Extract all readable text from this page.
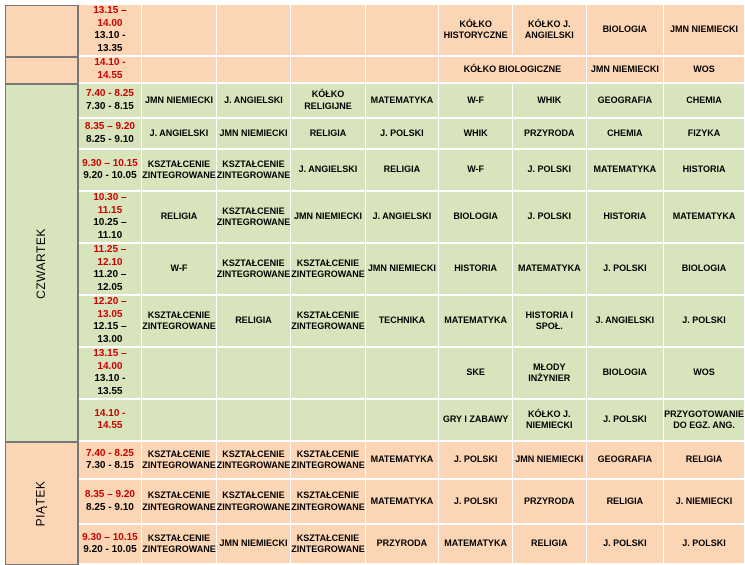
	13.15 – 14.00
13.10 - 13.35					KÓŁKO HISTORYCZNE	KÓŁKO J. ANGIELSKI	BIOLOGIA	JMN NIEMIECKI

	14.10 - 14.55					KÓŁKO BIOLOGICZNE		JMN NIEMIECKI	WOS
CZWARTEK	7.40 - 8.25
7.30 - 8.15	JMN NIEMIECKI	J. ANGIELSKI	KÓŁKO RELIGIJNE	MATEMATYKA	W-F	WHIK	GEOGRAFIA	CHEMIA

	8.35 – 9.20
8.25 - 9.10	J. ANGIELSKI	JMN NIEMIECKI	RELIGIA	J. POLSKI	WHIK	PRZYRODA	CHEMIA	FIZYKA

	9.30 – 10.15
9.20 - 10.05	KSZTAŁCENIE ZINTEGROWANE	KSZTAŁCENIE ZINTEGROWANE	J. ANGIELSKI	RELIGIA	W-F	J. POLSKI	MATEMATYKA	HISTORIA

	10.30 – 11.15
10.25 – 11.10	RELIGIA	KSZTAŁCENIE ZINTEGROWANE	JMN NIEMIECKI	J. ANGIELSKI	BIOLOGIA	J. POLSKI	HISTORIA	MATEMATYKA

	11.25 – 12.10
11.20 – 12.05	W-F	KSZTAŁCENIE ZINTEGROWANE	KSZTAŁCENIE ZINTEGROWANE	JMN NIEMIECKI	HISTORIA	MATEMATYKA	J. POLSKI	BIOLOGIA

	12.20 – 13.05
12.15 – 13.00	KSZTAŁCENIE ZINTEGROWANE	RELIGIA	KSZTAŁCENIE ZINTEGROWANE	TECHNIKA	MATEMATYKA	HISTORIA I SPOŁ.	J. ANGIELSKI	J. POLSKI

	13.15 – 14.00
13.10 - 13.55					SKE	MŁODY INŻYNIER	BIOLOGIA	WOS

	14.10 - 14.55					GRY I ZABAWY	KÓŁKO J. NIEMIECKI	J. POLSKI	PRZYGOTOWANIE DO EGZ. ANG.
PIĄTEK	7.40 - 8.25
7.30 - 8.15	KSZTAŁCENIE ZINTEGROWANE	KSZTAŁCENIE ZINTEGROWANE	KSZTAŁCENIE ZINTEGROWANE	MATEMATYKA	J. POLSKI	JMN NIEMIECKI	GEOGRAFIA	RELIGIA

	8.35 – 9.20
8.25 - 9.10	KSZTAŁCENIE ZINTEGROWANE	KSZTAŁCENIE ZINTEGROWANE	KSZTAŁCENIE ZINTEGROWANE	MATEMATYKA	J. POLSKI	PRZYRODA	RELIGIA	J. NIEMIECKI

	9.30 – 10.15
9.20 - 10.05	KSZTAŁCENIE ZINTEGROWANE	JMN NIEMIECKI	KSZTAŁCENIE ZINTEGROWANE	PRZYRODA	MATEMATYKA	RELIGIA	J. POLSKI	J. POLSKI
